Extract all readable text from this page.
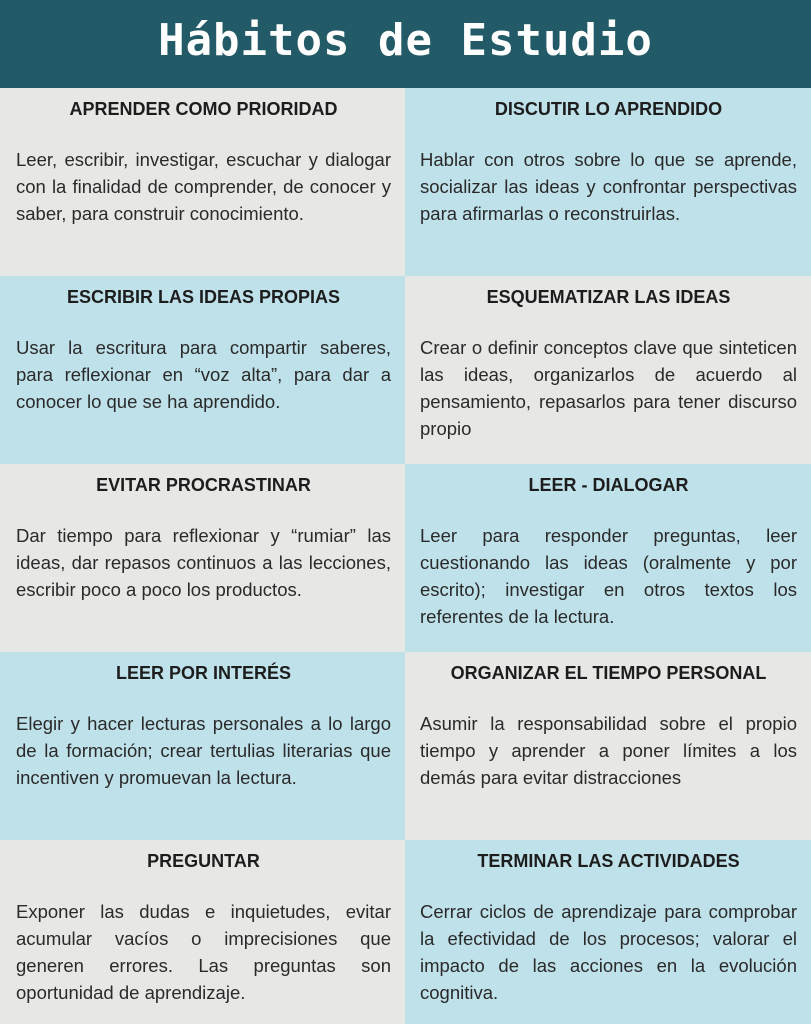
Hábitos de Estudio
APRENDER COMO PRIORIDAD

Leer, escribir, investigar, escuchar y dialogar con la finalidad de comprender, de conocer y saber, para construir conocimiento.

DISCUTIR LO APRENDIDO

Hablar con otros sobre lo que se aprende, socializar las ideas y confrontar perspectivas para afirmarlas o reconstruirlas.

ESCRIBIR LAS IDEAS PROPIAS

Usar la escritura para compartir saberes, para reflexionar en “voz alta”, para dar a conocer lo que se ha aprendido.

ESQUEMATIZAR LAS IDEAS

Crear o definir conceptos clave que sinteticen las ideas, organizarlos de acuerdo al pensamiento, repasarlos para tener discurso propio

EVITAR PROCRASTINAR

Dar tiempo para reflexionar y “rumiar” las ideas, dar repasos continuos a las lecciones, escribir poco a poco los productos.

LEER - DIALOGAR

Leer para responder preguntas, leer cuestionando las ideas (oralmente y por escrito); investigar en otros textos los referentes de la lectura.

LEER POR INTERÉS

Elegir y hacer lecturas personales a lo largo de la formación; crear tertulias literarias que incentiven y promuevan la lectura.

ORGANIZAR EL TIEMPO PERSONAL

Asumir la responsabilidad sobre el propio tiempo y aprender a poner límites a los demás para evitar distracciones

PREGUNTAR

Exponer las dudas e inquietudes, evitar acumular vacíos o imprecisiones que generen errores. Las preguntas son oportunidad de aprendizaje.

TERMINAR LAS ACTIVIDADES

Cerrar ciclos de aprendizaje para comprobar la efectividad de los procesos; valorar el impacto de las acciones en la evolución cognitiva.
